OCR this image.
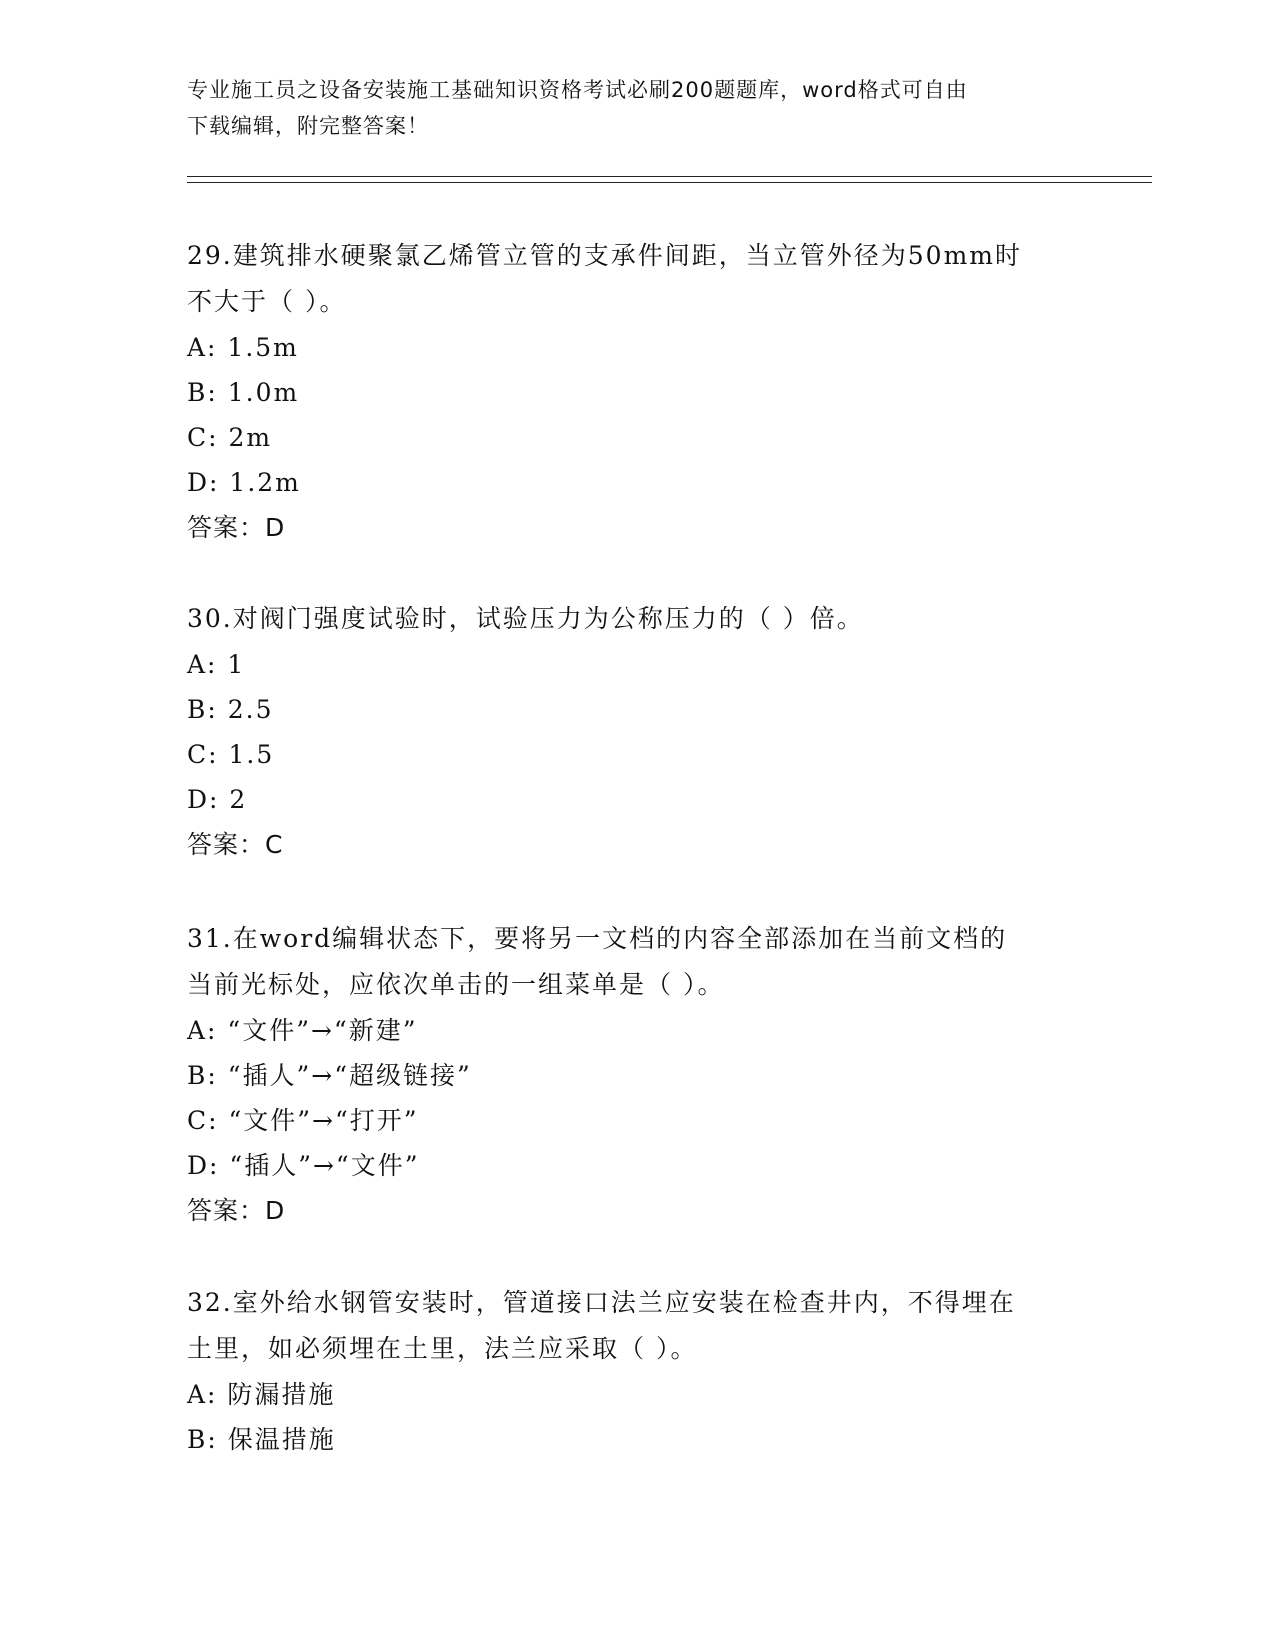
专业施工员之设备安装施工基础知识资格考试必刷200题题库，word格式可自由
下载编辑，附完整答案！
29.建筑排水硬聚氯乙烯管立管的支承件间距，当立管外径为50mm时
不大于（ ）。
A: 1.5m
B: 1.0m
C: 2m
D: 1.2m
答案：D
30.对阀门强度试验时，试验压力为公称压力的（ ）倍。
A: 1
B: 2.5
C: 1.5
D: 2
答案：C
31.在word编辑状态下，要将另一文档的内容全部添加在当前文档的
当前光标处，应依次单击的一组菜单是（ ）。
A: “文件”→“新建”
B: “插人”→“超级链接”
C: “文件”→“打开”
D: “插人”→“文件”
答案：D
32.室外给水钢管安装时，管道接口法兰应安装在检查井内，不得埋在
土里，如必须埋在土里，法兰应采取（ ）。
A: 防漏措施
B: 保温措施
